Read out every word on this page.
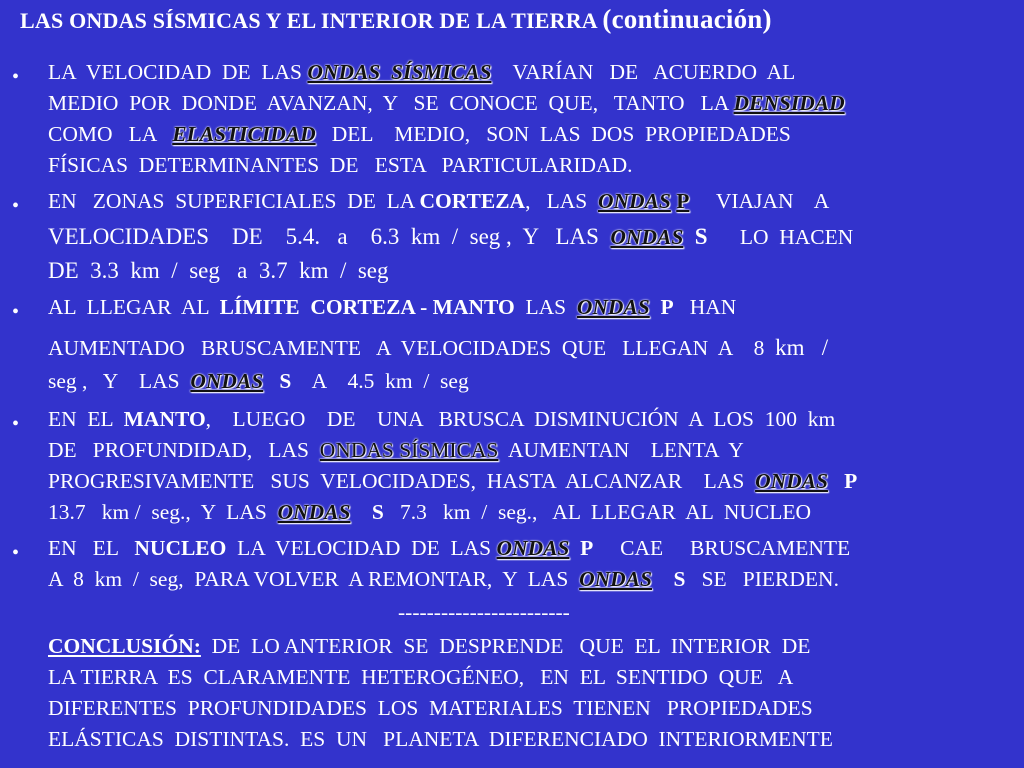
LAS ONDAS SÍSMICAS Y EL INTERIOR DE LA TIERRA (continuación)
• LA  VELOCIDAD  DE  LAS ONDAS  SÍSMICAS    VARÍAN   DE   ACUERDO  AL
MEDIO  POR  DONDE  AVANZAN,  Y   SE  CONOCE  QUE,   TANTO   LA DENSIDAD
COMO   LA   ELASTICIDAD   DEL    MEDIO,   SON  LAS  DOS  PROPIEDADES
FÍSICAS  DETERMINANTES  DE   ESTA   PARTICULARIDAD.
• EN   ZONAS  SUPERFICIALES  DE  LA CORTEZA,   LAS  ONDAS P     VIAJAN    A
VELOCIDADES    DE    5.4.   a    6.3  km  /  seg ,  Y   LAS  ONDAS S      LO  HACEN
DE  3.3  km  /  seg   a  3.7  km  /  seg
• AL  LLEGAR  AL  LÍMITE  CORTEZA - MANTO  LAS  ONDAS P   HAN
AUMENTADO   BRUSCAMENTE   A  VELOCIDADES  QUE   LLEGAN  A    8  km   /
seg ,   Y    LAS  ONDAS S    A    4.5  km  /  seg
• EN  EL  MANTO,    LUEGO    DE    UNA   BRUSCA  DISMINUCIÓN  A  LOS  100  km
DE   PROFUNDIDAD,   LAS  ONDAS SÍSMICAS  AUMENTAN    LENTA  Y
PROGRESIVAMENTE   SUS  VELOCIDADES,  HASTA  ALCANZAR    LAS  ONDAS P
13.7   km /  seg.,  Y  LAS  ONDAS S   7.3   km  /  seg.,   AL  LLEGAR  AL  NUCLEO
• EN   EL   NUCLEO  LA  VELOCIDAD  DE  LAS ONDAS P     CAE     BRUSCAMENTE
A  8  km  /  seg,  PARA VOLVER  A REMONTAR,  Y  LAS  ONDAS S   SE   PIERDEN.
------------------------
CONCLUSIÓN:  DE  LO ANTERIOR  SE  DESPRENDE   QUE  EL  INTERIOR  DE
LA TIERRA  ES  CLARAMENTE  HETEROGÉNEO,   EN  EL  SENTIDO  QUE   A
DIFERENTES  PROFUNDIDADES  LOS  MATERIALES  TIENEN   PROPIEDADES
ELÁSTICAS  DISTINTAS.  ES  UN   PLANETA  DIFERENCIADO  INTERIORMENTE
